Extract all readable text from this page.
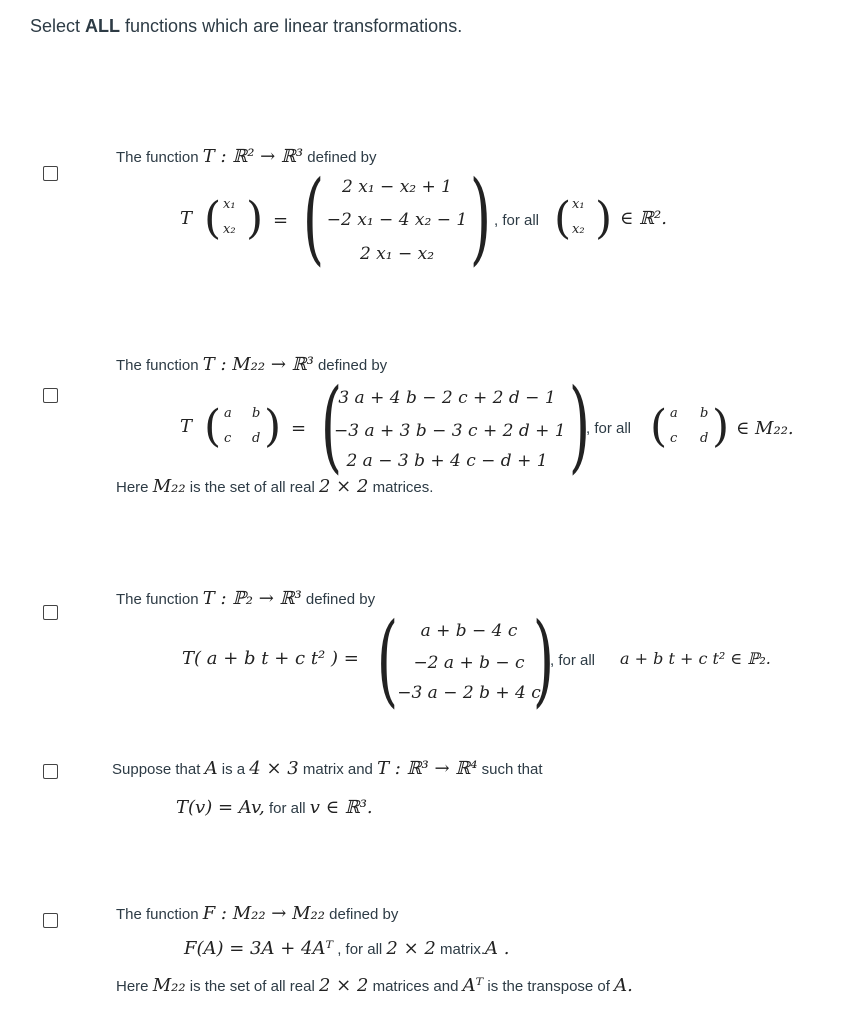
Select ALL functions which are linear transformations.
The function T : ℝ² → ℝ³ defined by
T ( x₁
x₂ ) = (	2 x₁ − x₂ + 1
−2 x₁ − 4 x₂ − 1
2 x₁ − x₂ ) , for all ( x₁
x₂ ) ∈ ℝ².
The function T : M₂₂ → ℝ³ defined by
T ( a b
c d ) = (
3 a + 4 b − 2 c + 2 d − 1
−3 a + 3 b − 3 c + 2 d + 1
2 a − 3 b + 4 c − d + 1 )
, for all ( a b
c d ) ∈ M₂₂.
Here M₂₂ is the set of all real 2 × 2 matrices.
The function T : ℙ₂ → ℝ³ defined by
T( a + b t + c t² ) = (	a + b − 4 c
−2 a + b − c
−3 a − 2 b + 4 c
)
, for all a + b t + c t² ∈ ℙ₂.
Suppose that A is a 4 × 3 matrix and T : ℝ³ → ℝ⁴ such that
T(v) = Av, for all v ∈ ℝ³.
The function F : M₂₂ → M₂₂ defined by
F(A) = 3A + 4Aᵀ , for all 2 × 2 matrix.A .
Here M₂₂ is the set of all real 2 × 2 matrices and Aᵀ is the transpose of A.
